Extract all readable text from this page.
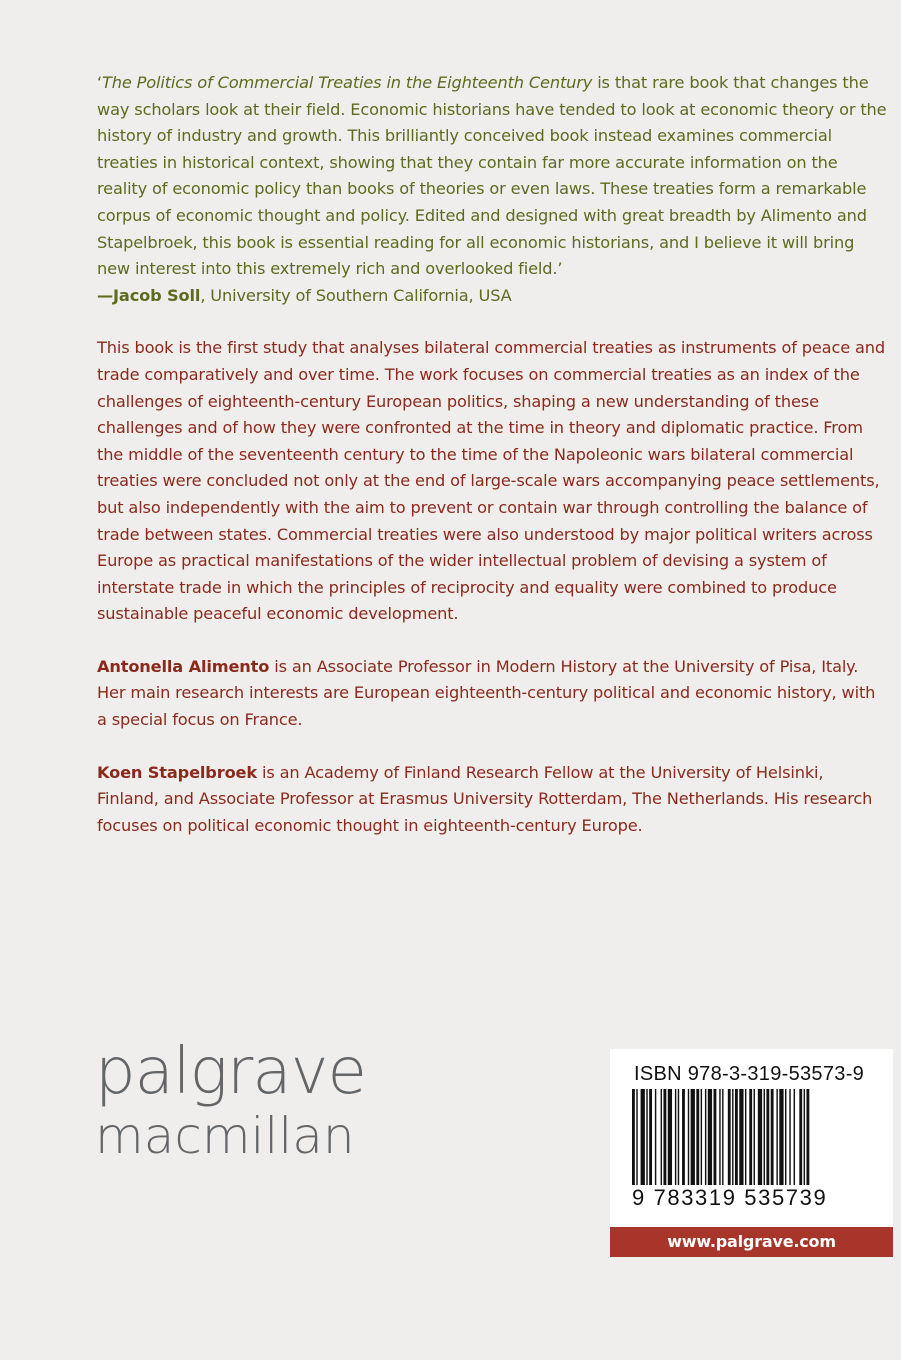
‘The Politics of Commercial Treaties in the Eighteenth Century is that rare book that changes the way scholars look at their field. Economic historians have tended to look at economic theory or the history of industry and growth. This brilliantly conceived book instead examines commercial treaties in historical context, showing that they contain far more accurate information on the reality of economic policy than books of theories or even laws. These treaties form a remarkable corpus of economic thought and policy. Edited and designed with great breadth by Alimento and Stapelbroek, this book is essential reading for all economic historians, and I believe it will bring new interest into this extremely rich and overlooked field.’

—Jacob Soll, University of Southern California, USA

This book is the first study that analyses bilateral commercial treaties as instruments of peace and trade comparatively and over time. The work focuses on commercial treaties as an index of the challenges of eighteenth-century European politics, shaping a new understanding of these challenges and of how they were confronted at the time in theory and diplomatic practice. From the middle of the seventeenth century to the time of the Napoleonic wars bilateral commercial treaties were concluded not only at the end of large-scale wars accompanying peace settlements, but also independently with the aim to prevent or contain war through controlling the balance of trade between states. Commercial treaties were also understood by major political writers across Europe as practical manifestations of the wider intellectual problem of devising a system of interstate trade in which the principles of reciprocity and equality were combined to produce sustainable peaceful economic development.

Antonella Alimento is an Associate Professor in Modern History at the University of Pisa, Italy. Her main research interests are European eighteenth-century political and economic history, with a special focus on France.

Koen Stapelbroek is an Academy of Finland Research Fellow at the University of Helsinki, Finland, and Associate Professor at Erasmus University Rotterdam, The Netherlands. His research focuses on political economic thought in eighteenth-century Europe.

palgrave
macmillan
ISBN 978-3-319-53573-9
9 783319 535739
www.palgrave.com
